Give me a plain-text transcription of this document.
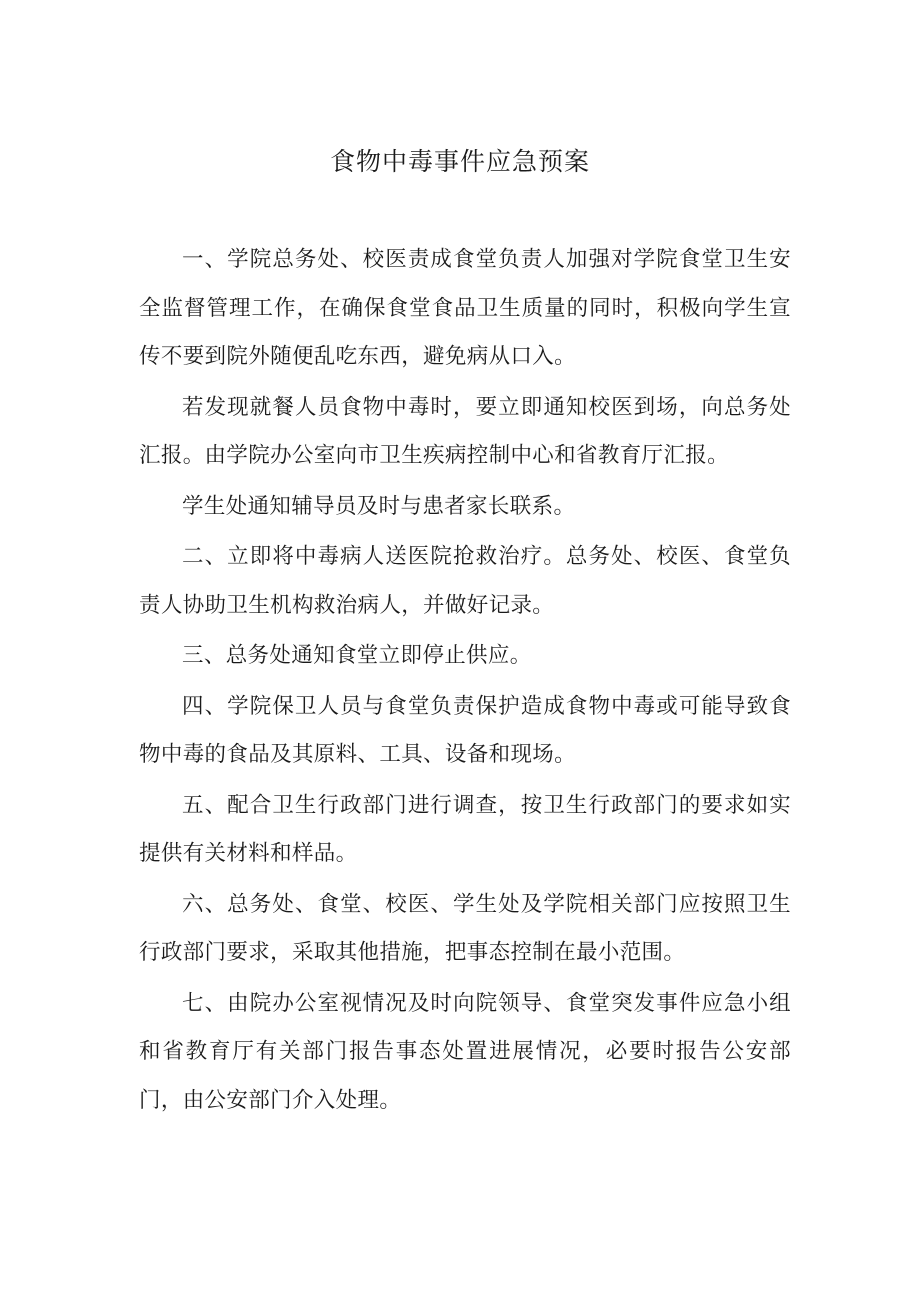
食物中毒事件应急预案

一、学院总务处、校医责成食堂负责人加强对学院食堂卫生安全监督管理工作，在确保食堂食品卫生质量的同时，积极向学生宣传不要到院外随便乱吃东西，避免病从口入。

若发现就餐人员食物中毒时，要立即通知校医到场，向总务处汇报。由学院办公室向市卫生疾病控制中心和省教育厅汇报。

学生处通知辅导员及时与患者家长联系。

二、立即将中毒病人送医院抢救治疗。总务处、校医、食堂负责人协助卫生机构救治病人，并做好记录。

三、总务处通知食堂立即停止供应。

四、学院保卫人员与食堂负责保护造成食物中毒或可能导致食物中毒的食品及其原料、工具、设备和现场。

五、配合卫生行政部门进行调查，按卫生行政部门的要求如实提供有关材料和样品。

六、总务处、食堂、校医、学生处及学院相关部门应按照卫生行政部门要求，采取其他措施，把事态控制在最小范围。

七、由院办公室视情况及时向院领导、食堂突发事件应急小组和省教育厅有关部门报告事态处置进展情况，必要时报告公安部门，由公安部门介入处理。
